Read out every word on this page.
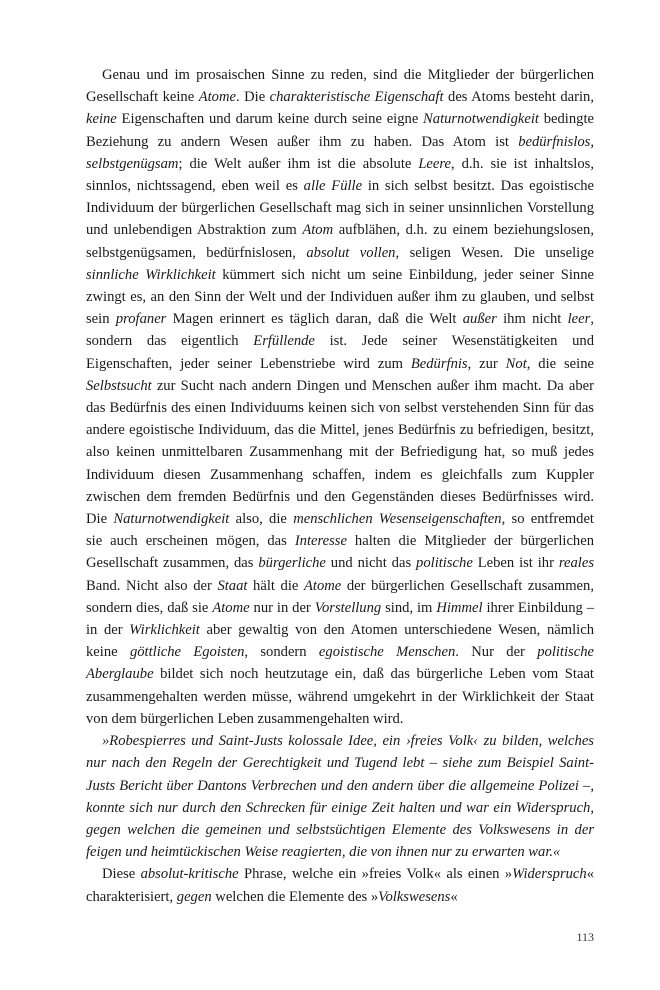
Genau und im prosaischen Sinne zu reden, sind die Mitglieder der bürgerlichen Gesellschaft keine Atome. Die charakteristische Eigenschaft des Atoms besteht darin, keine Eigenschaften und darum keine durch seine eigne Naturnotwendigkeit bedingte Beziehung zu andern Wesen außer ihm zu haben. Das Atom ist bedürfnislos, selbstgenügsam; die Welt außer ihm ist die absolute Leere, d.h. sie ist inhaltslos, sinnlos, nichtssagend, eben weil es alle Fülle in sich selbst besitzt. Das egoistische Individuum der bürgerlichen Gesellschaft mag sich in seiner unsinnlichen Vorstellung und unlebendigen Abstraktion zum Atom aufblähen, d.h. zu einem beziehungslosen, selbstgenügsamen, bedürfnislosen, absolut vollen, seligen Wesen. Die unselige sinnliche Wirklichkeit kümmert sich nicht um seine Einbildung, jeder seiner Sinne zwingt es, an den Sinn der Welt und der Individuen außer ihm zu glauben, und selbst sein profaner Magen erinnert es täglich daran, daß die Welt außer ihm nicht leer, sondern das eigentlich Erfüllende ist. Jede seiner Wesenstätigkeiten und Eigenschaften, jeder seiner Lebenstriebe wird zum Bedürfnis, zur Not, die seine Selbstsucht zur Sucht nach andern Dingen und Menschen außer ihm macht. Da aber das Bedürfnis des einen Individuums keinen sich von selbst verstehenden Sinn für das andere egoistische Individuum, das die Mittel, jenes Bedürfnis zu befriedigen, besitzt, also keinen unmittelbaren Zusammenhang mit der Befriedigung hat, so muß jedes Individuum diesen Zusammenhang schaffen, indem es gleichfalls zum Kuppler zwischen dem fremden Bedürfnis und den Gegenständen dieses Bedürfnisses wird. Die Naturnotwendigkeit also, die menschlichen Wesenseigenschaften, so entfremdet sie auch erscheinen mögen, das Interesse halten die Mitglieder der bürgerlichen Gesellschaft zusammen, das bürgerliche und nicht das politische Leben ist ihr reales Band. Nicht also der Staat hält die Atome der bürgerlichen Gesellschaft zusammen, sondern dies, daß sie Atome nur in der Vorstellung sind, im Himmel ihrer Einbildung – in der Wirklichkeit aber gewaltig von den Atomen unterschiedene Wesen, nämlich keine göttliche Egoisten, sondern egoistische Menschen. Nur der politische Aberglaube bildet sich noch heutzutage ein, daß das bürgerliche Leben vom Staat zusammengehalten werden müsse, während umgekehrt in der Wirklichkeit der Staat von dem bürgerlichen Leben zusammengehalten wird.

»Robespierres und Saint-Justs kolossale Idee, ein ›freies Volk‹ zu bilden, welches nur nach den Regeln der Gerechtigkeit und Tugend lebt – siehe zum Beispiel Saint-Justs Bericht über Dantons Verbrechen und den andern über die allgemeine Polizei –, konnte sich nur durch den Schrecken für einige Zeit halten und war ein Widerspruch, gegen welchen die gemeinen und selbstsüchtigen Elemente des Volkswesens in der feigen und heimtückischen Weise reagierten, die von ihnen nur zu erwarten war.«

Diese absolut-kritische Phrase, welche ein »freies Volk« als einen »Widerspruch« charakterisiert, gegen welchen die Elemente des »Volkswesens«

113
